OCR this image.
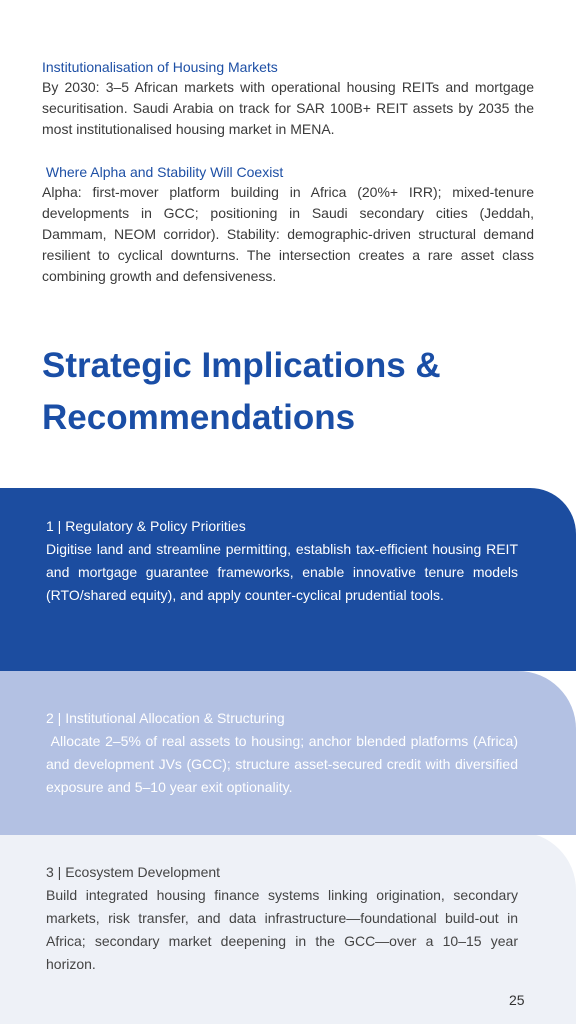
Institutionalisation of Housing Markets
By 2030: 3–5 African markets with operational housing REITs and mortgage securitisation. Saudi Arabia on track for SAR 100B+ REIT assets by 2035 the most institutionalised housing market in MENA.
Where Alpha and Stability Will Coexist
Alpha: first-mover platform building in Africa (20%+ IRR); mixed-tenure developments in GCC; positioning in Saudi secondary cities (Jeddah, Dammam, NEOM corridor). Stability: demographic-driven structural demand resilient to cyclical downturns. The intersection creates a rare asset class combining growth and defensiveness.
Strategic Implications &
Recommendations
3 | Ecosystem Development
Build integrated housing finance systems linking origination, secondary markets, risk transfer, and data infrastructure—foundational build-out in Africa; secondary market deepening in the GCC—over a 10–15 year horizon.
2 | Institutional Allocation & Structuring
Allocate 2–5% of real assets to housing; anchor blended platforms (Africa) and development JVs (GCC); structure asset-secured credit with diversified exposure and 5–10 year exit optionality.
1 | Regulatory & Policy Priorities
Digitise land and streamline permitting, establish tax-efficient housing REIT and mortgage guarantee frameworks, enable innovative tenure models (RTO/shared equity), and apply counter-cyclical prudential tools.
25
